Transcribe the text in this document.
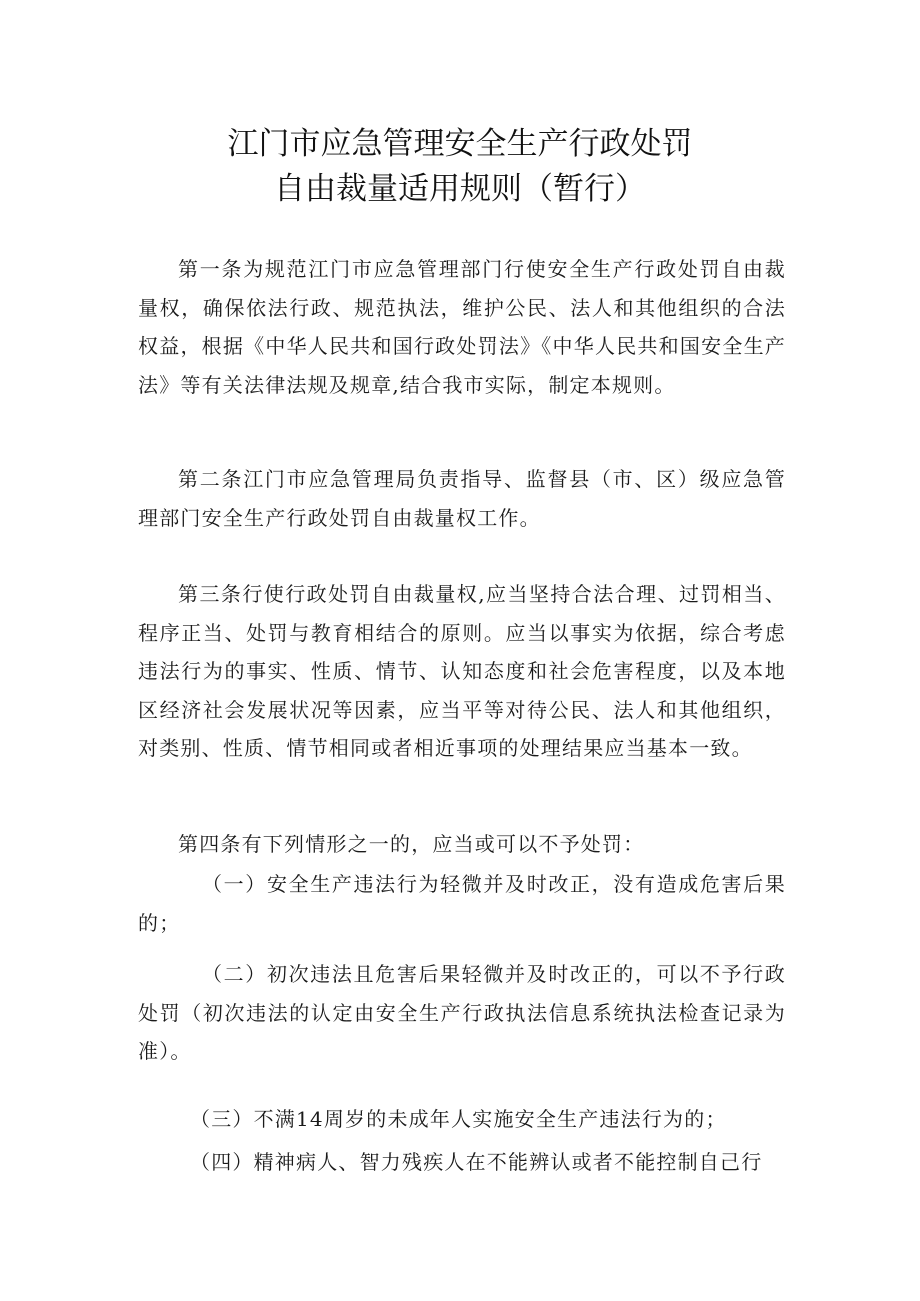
江门市应急管理安全生产行政处罚
自由裁量适用规则（暂行）
第一条为规范江门市应急管理部门行使安全生产行政处罚自由裁量权，确保依法行政、规范执法，维护公民、法人和其他组织的合法权益，根据《中华人民共和国行政处罚法》《中华人民共和国安全生产法》等有关法律法规及规章,结合我市实际，制定本规则。
第二条江门市应急管理局负责指导、监督县（市、区）级应急管理部门安全生产行政处罚自由裁量权工作。
第三条行使行政处罚自由裁量权,应当坚持合法合理、过罚相当、程序正当、处罚与教育相结合的原则。应当以事实为依据，综合考虑违法行为的事实、性质、情节、认知态度和社会危害程度，以及本地区经济社会发展状况等因素，应当平等对待公民、法人和其他组织，对类别、性质、情节相同或者相近事项的处理结果应当基本一致。
第四条有下列情形之一的，应当或可以不予处罚：
（一）安全生产违法行为轻微并及时改正，没有造成危害后果的；
（二）初次违法且危害后果轻微并及时改正的，可以不予行政处罚（初次违法的认定由安全生产行政执法信息系统执法检查记录为准）。
（三）不满14周岁的未成年人实施安全生产违法行为的；
（四）精神病人、智力残疾人在不能辨认或者不能控制自己行
